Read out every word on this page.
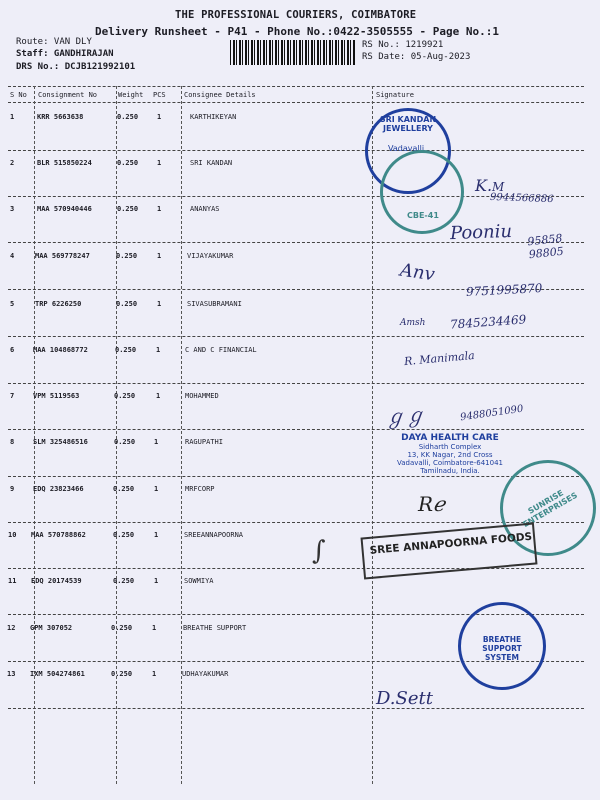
THE PROFESSIONAL COURIERS, COIMBATORE
Delivery Runsheet - P41 - Phone No.:0422-3505555 - Page No.:1
Route: VAN DLY
Staff: GANDHIRAJAN
DRS No.: DCJB121992101
RS No.: 1219921
RS Date: 05-Aug-2023
S No Consignment No	Weight PCS	Consignee Details	Signature
1	KRR 5663638	0.250	1	KARTHIKEYAN
2	BLR 515850224	0.250	1	SRI KANDAN
3	MAA 570940446	0.250	1	ANANYAS
4	MAA 569778247	0.250	1	VIJAYAKUMAR
5	TRP 6226250	0.250	1	SIVASUBRAMANI
6	MAA 104868772	0.250	1	C AND C FINANCIAL
7	VPM 5119563	0.250	1	MOHAMMED
8	SLM 325486516	0.250	1	RAGUPATHI
9	EDQ 23823466	0.250	1	MRFCORP
10 MAA 570788862	0.250	1	SREEANNAPOORNA
11 EDQ 20174539	0.250	1	SOWMIYA
12 GPM 307052	0.250	1	BREATHE SUPPORT
13 IXM 504274861	0.250	1	UDHAYAKUMAR
SRI KANDAN JEWELLERY
Vadavalli
CBE-41
K.M
9944566886
Pooniu 95858 98805
Anv
9751995870
Amsh 7845234469
R. Manimala
ℊℊ	9488051090
DAYA HEALTH CARE
Sidharth Complex
13, KK Nagar, 2nd Cross
Vadavalli, Coimbatore-641041
Tamilnadu, India.
SUNRISE ENTERPRISES
Rℯ
SREE ANNAPOORNA FOODS
∫
BREATHE SUPPORT SYSTEM
D.Sett
